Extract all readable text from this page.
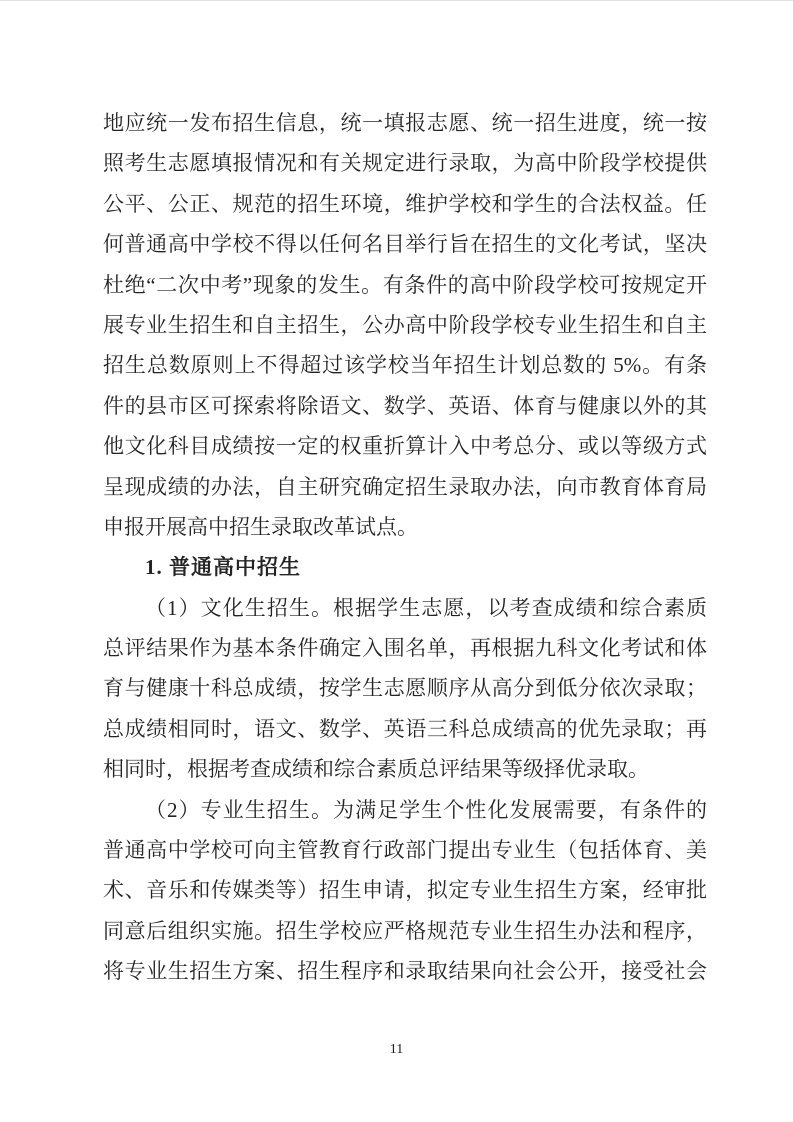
地应统一发布招生信息，统一填报志愿、统一招生进度，统一按
照考生志愿填报情况和有关规定进行录取，为高中阶段学校提供
公平、公正、规范的招生环境，维护学校和学生的合法权益。任
何普通高中学校不得以任何名目举行旨在招生的文化考试，坚决
杜绝“二次中考”现象的发生。有条件的高中阶段学校可按规定开
展专业生招生和自主招生，公办高中阶段学校专业生招生和自主
招生总数原则上不得超过该学校当年招生计划总数的 5%。有条
件的县市区可探索将除语文、数学、英语、体育与健康以外的其
他文化科目成绩按一定的权重折算计入中考总分、或以等级方式
呈现成绩的办法，自主研究确定招生录取办法，向市教育体育局
申报开展高中招生录取改革试点。
1. 普通高中招生
（1）文化生招生。根据学生志愿，以考查成绩和综合素质
总评结果作为基本条件确定入围名单，再根据九科文化考试和体
育与健康十科总成绩，按学生志愿顺序从高分到低分依次录取；
总成绩相同时，语文、数学、英语三科总成绩高的优先录取；再
相同时，根据考查成绩和综合素质总评结果等级择优录取。
（2）专业生招生。为满足学生个性化发展需要，有条件的
普通高中学校可向主管教育行政部门提出专业生（包括体育、美
术、音乐和传媒类等）招生申请，拟定专业生招生方案，经审批
同意后组织实施。招生学校应严格规范专业生招生办法和程序，
将专业生招生方案、招生程序和录取结果向社会公开，接受社会
11
